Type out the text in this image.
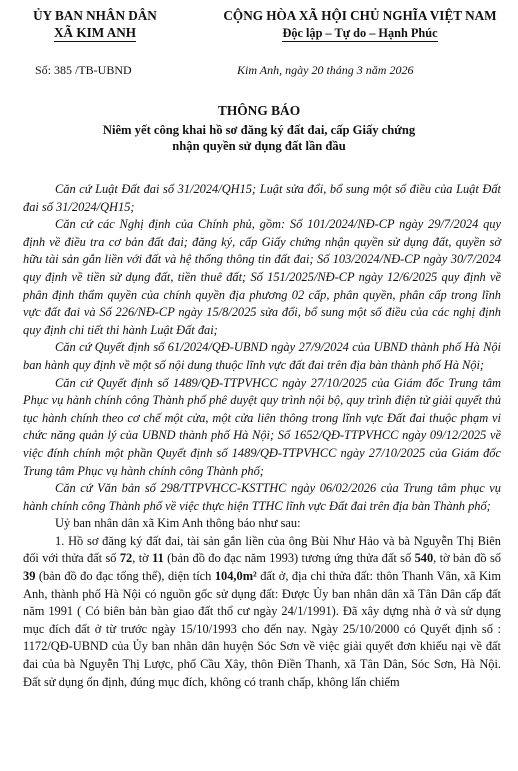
ỦY BAN NHÂN DÂN
XÃ KIM ANH
CỘNG HÒA XÃ HỘI CHỦ NGHĨA VIỆT NAM
Độc lập – Tự do – Hạnh Phúc
Số: 385 /TB-UBND	Kim Anh, ngày 20 tháng 3 năm 2026
THÔNG BÁO
Niêm yết công khai hồ sơ đăng ký đất đai, cấp Giấy chứng nhận quyền sử dụng đất lần đầu

Căn cứ Luật Đất đai số 31/2024/QH15; Luật sửa đổi, bổ sung một số điều của Luật Đất đai số 31/2024/QH15;

Căn cứ các Nghị định của Chính phủ, gồm: Số 101/2024/NĐ-CP ngày 29/7/2024 quy định về điều tra cơ bản đất đai; đăng ký, cấp Giấy chứng nhận quyền sử dụng đất, quyền sở hữu tài sản gắn liền với đất và hệ thống thông tin đất đai; Số 103/2024/NĐ-CP ngày 30/7/2024 quy định về tiền sử dụng đất, tiền thuê đất; Số 151/2025/NĐ-CP ngày 12/6/2025 quy định về phân định thẩm quyền của chính quyền địa phương 02 cấp, phân quyền, phân cấp trong lĩnh vực đất đai và Số 226/NĐ-CP ngày 15/8/2025 sửa đổi, bổ sung một số điều của các nghị định quy định chi tiết thi hành Luật Đất đai;

Căn cứ Quyết định số 61/2024/QĐ-UBND ngày 27/9/2024 của UBND thành phố Hà Nội ban hành quy định về một số nội dung thuộc lĩnh vực đất đai trên địa bàn thành phố Hà Nội;

Căn cứ Quyết định số 1489/QĐ-TTPVHCC ngày 27/10/2025 của Giám đốc Trung tâm Phục vụ hành chính công Thành phố phê duyệt quy trình nội bộ, quy trình điện tử giải quyết thủ tục hành chính theo cơ chế một cửa, một cửa liên thông trong lĩnh vực Đất đai thuộc phạm vi chức năng quản lý của UBND thành phố Hà Nội; Số 1652/QĐ-TTPVHCC ngày 09/12/2025 về việc đính chính một phần Quyết định số 1489/QĐ-TTPVHCC ngày 27/10/2025 của Giám đốc Trung tâm Phục vụ hành chính công Thành phố;

Căn cứ Văn bản số 298/TTPVHCC-KSTTHC ngày 06/02/2026 của Trung tâm phục vụ hành chính công Thành phố về việc thực hiện TTHC lĩnh vực Đất đai trên địa bàn Thành phố;

Uỷ ban nhân dân xã Kim Anh thông báo như sau:

1. Hồ sơ đăng ký đất đai, tài sản gắn liền của ông Bùi Như Hảo và bà Nguyễn Thị Biên đối với thửa đất số 72, tờ 11 (bản đồ đo đạc năm 1993) tương ứng thửa đất số 540, tờ bản đồ số 39 (bản đồ đo đạc tổng thể), diện tích 104,0m² đất ở, địa chỉ thửa đất: thôn Thanh Vân, xã Kim Anh, thành phố Hà Nội có nguồn gốc sử dụng đất: Được Ủy ban nhân dân xã Tân Dân cấp đất năm 1991 ( Có biên bản bàn giao đất thổ cư ngày 24/1/1991). Đã xây dựng nhà ở và sử dụng mục đích đất ở từ trước ngày 15/10/1993 cho đến nay. Ngày 25/10/2000 có Quyết định số : 1172/QĐ-UBND của Ủy ban nhân dân huyện Sóc Sơn về việc giải quyết đơn khiếu nại về đất đai của bà Nguyễn Thị Lược, phố Cầu Xây, thôn Điền Thanh, xã Tân Dân, Sóc Sơn, Hà Nội. Đất sử dụng ổn định, đúng mục đích, không có tranh chấp, không lấn chiếm
